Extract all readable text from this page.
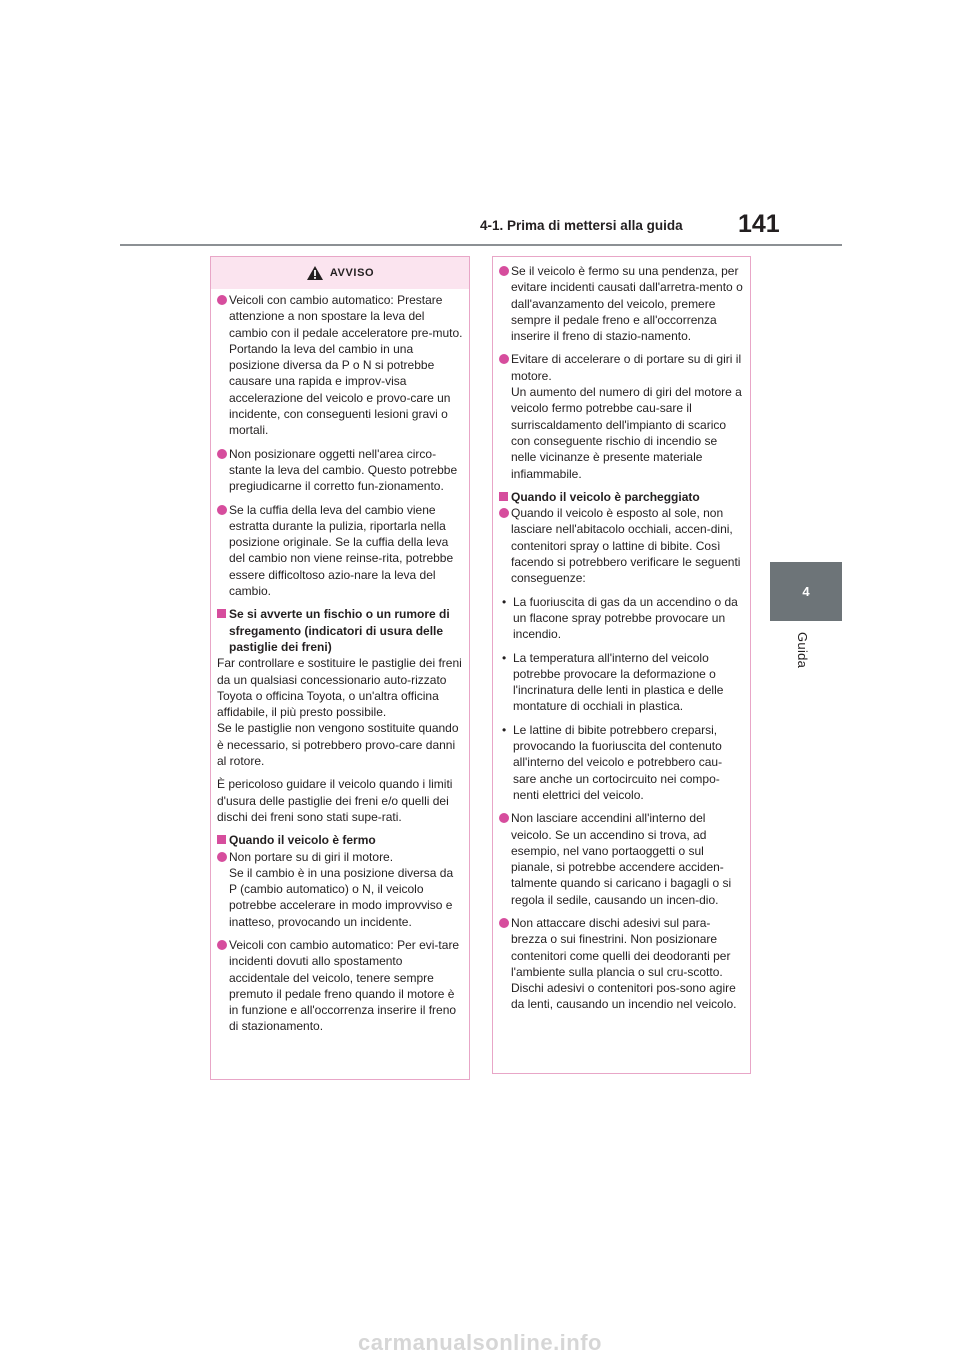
4-1. Prima di mettersi alla guida 141
4
Guida
AVVISO
Veicoli con cambio automatico: Prestare attenzione a non spostare la leva del cambio con il pedale acceleratore pre-muto. Portando la leva del cambio in una posizione diversa da P o N si potrebbe causare una rapida e improv-visa accelerazione del veicolo e provo-care un incidente, con conseguenti lesioni gravi o mortali.
Non posizionare oggetti nell'area circo-stante la leva del cambio. Questo potrebbe pregiudicarne il corretto fun-zionamento.
Se la cuffia della leva del cambio viene estratta durante la pulizia, riportarla nella posizione originale. Se la cuffia della leva del cambio non viene reinse-rita, potrebbe essere difficoltoso azio-nare la leva del cambio.
Se si avverte un fischio o un rumore di sfregamento (indicatori di usura delle pastiglie dei freni)
Far controllare e sostituire le pastiglie dei freni da un qualsiasi concessionario auto-rizzato Toyota o officina Toyota, o un'altra officina affidabile, il più presto possibile.
Se le pastiglie non vengono sostituite quando è necessario, si potrebbero provo-care danni al rotore.
È pericoloso guidare il veicolo quando i limiti d'usura delle pastiglie dei freni e/o quelli dei dischi dei freni sono stati supe-rati.
Quando il veicolo è fermo
Non portare su di giri il motore.
Se il cambio è in una posizione diversa da P (cambio automatico) o N, il veicolo potrebbe accelerare in modo improvviso e inatteso, provocando un incidente.
Veicoli con cambio automatico: Per evi-tare incidenti dovuti allo spostamento accidentale del veicolo, tenere sempre premuto il pedale freno quando il motore è in funzione e all'occorrenza inserire il freno di stazionamento.
Se il veicolo è fermo su una pendenza, per evitare incidenti causati dall'arretra-mento o dall'avanzamento del veicolo, premere sempre il pedale freno e all'occorrenza inserire il freno di stazio-namento.
Evitare di accelerare o di portare su di giri il motore.
Un aumento del numero di giri del motore a veicolo fermo potrebbe cau-sare il surriscaldamento dell'impianto di scarico con conseguente rischio di incendio se nelle vicinanze è presente materiale infiammabile.
Quando il veicolo è parcheggiato
Quando il veicolo è esposto al sole, non lasciare nell'abitacolo occhiali, accen-dini, contenitori spray o lattine di bibite. Così facendo si potrebbero verificare le seguenti conseguenze:
• La fuoriuscita di gas da un accendino o da un flacone spray potrebbe provocare un incendio.
• La temperatura all'interno del veicolo potrebbe provocare la deformazione o l'incrinatura delle lenti in plastica e delle montature di occhiali in plastica.
• Le lattine di bibite potrebbero creparsi, provocando la fuoriuscita del contenuto all'interno del veicolo e potrebbero cau-sare anche un cortocircuito nei compo-nenti elettrici del veicolo.
Non lasciare accendini all'interno del veicolo. Se un accendino si trova, ad esempio, nel vano portaoggetti o sul pianale, si potrebbe accendere acciden-talmente quando si caricano i bagagli o si regola il sedile, causando un incen-dio.
Non attaccare dischi adesivi sul para-brezza o sui finestrini. Non posizionare contenitori come quelli dei deodoranti per l'ambiente sulla plancia o sul cru-scotto. Dischi adesivi o contenitori pos-sono agire da lenti, causando un incendio nel veicolo.
carmanualsonline.info
